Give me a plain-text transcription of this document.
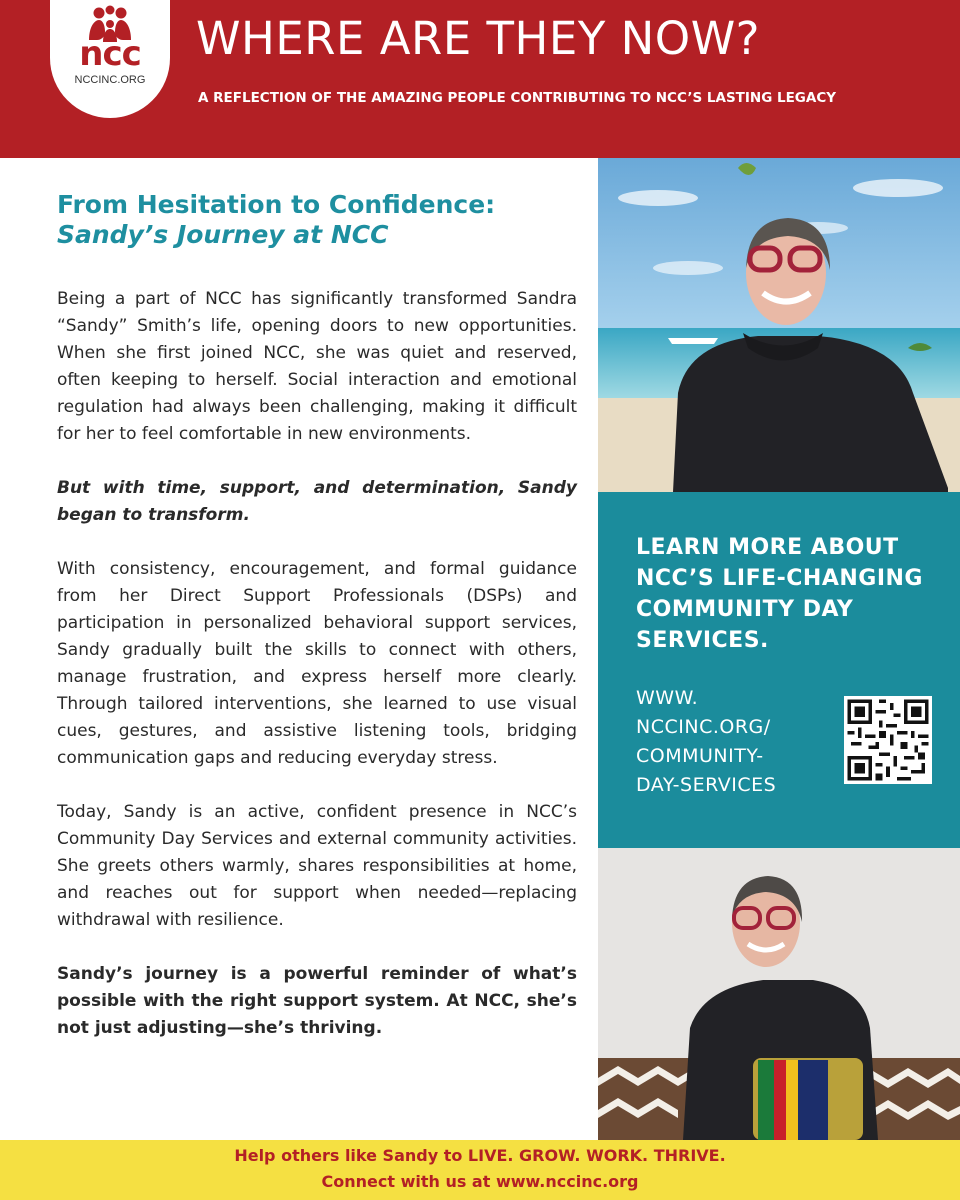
ncc
NCCINC.ORG
WHERE ARE THEY NOW?
A REFLECTION OF THE AMAZING PEOPLE CONTRIBUTING TO NCC’S LASTING LEGACY
From Hesitation to Confidence:
Sandy’s Journey at NCC

Being a part of NCC has significantly transformed Sandra “Sandy” Smith’s life, opening doors to new opportunities. When she first joined NCC, she was quiet and reserved, often keeping to herself. Social interaction and emotional regulation had always been challenging, making it difficult for her to feel comfortable in new environments.

But with time, support, and determination, Sandy began to transform.

With consistency, encouragement, and formal guidance from her Direct Support Professionals (DSPs) and participation in personalized behavioral support services, Sandy gradually built the skills to connect with others, manage frustration, and express herself more clearly. Through tailored interventions, she learned to use visual cues, gestures, and assistive listening tools, bridging communication gaps and reducing everyday stress.

Today, Sandy is an active, confident presence in NCC’s Community Day Services and external community activities. She greets others warmly, shares responsibilities at home, and reaches out for support when needed—replacing withdrawal with resilience.

Sandy’s journey is a powerful reminder of what’s possible with the right support system. At NCC, she’s not just adjusting—she’s thriving.

LEARN MORE ABOUT NCC’S LIFE-CHANGING COMMUNITY DAY SERVICES.
WWW.
NCCINC.ORG/
COMMUNITY-
DAY-SERVICES
Help others like Sandy to LIVE. GROW. WORK. THRIVE.
Connect with us at www.nccinc.org
